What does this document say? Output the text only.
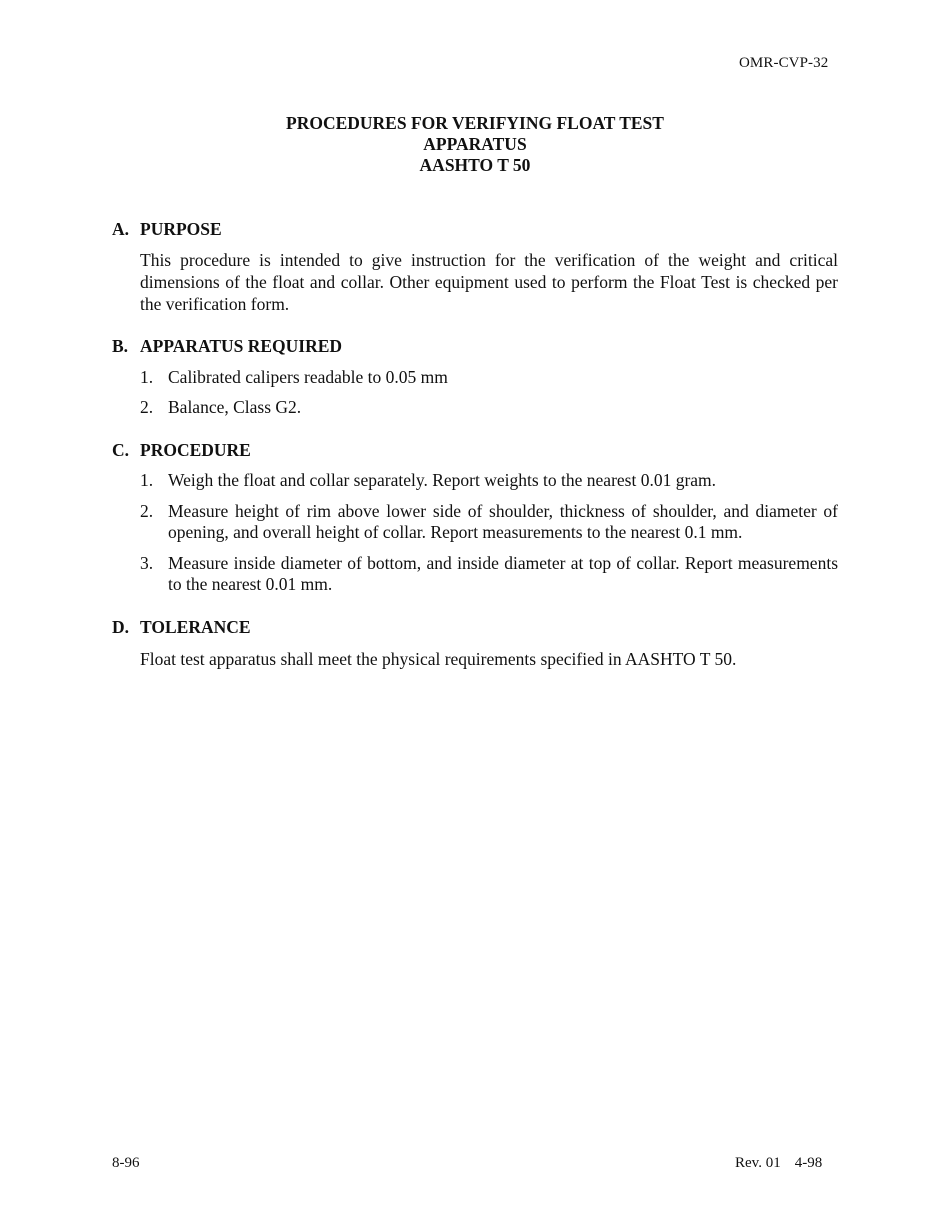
OMR-CVP-32
PROCEDURES FOR VERIFYING FLOAT TEST
APPARATUS
AASHTO T 50
A. PURPOSE
This procedure is intended to give instruction for the verification of the weight and critical dimensions of the float and collar. Other equipment used to perform the Float Test is checked per the verification form.
B. APPARATUS REQUIRED
1. Calibrated calipers readable to 0.05 mm
2. Balance, Class G2.
C. PROCEDURE
1. Weigh the float and collar separately. Report weights to the nearest 0.01 gram.
2. Measure height of rim above lower side of shoulder, thickness of shoulder, and diameter of opening, and overall height of collar. Report measurements to the nearest 0.1 mm.
3. Measure inside diameter of bottom, and inside diameter at top of collar. Report measurements to the nearest 0.01 mm.
D. TOLERANCE
Float test apparatus shall meet the physical requirements specified in AASHTO T 50.
8-96	Rev. 01 4-98
